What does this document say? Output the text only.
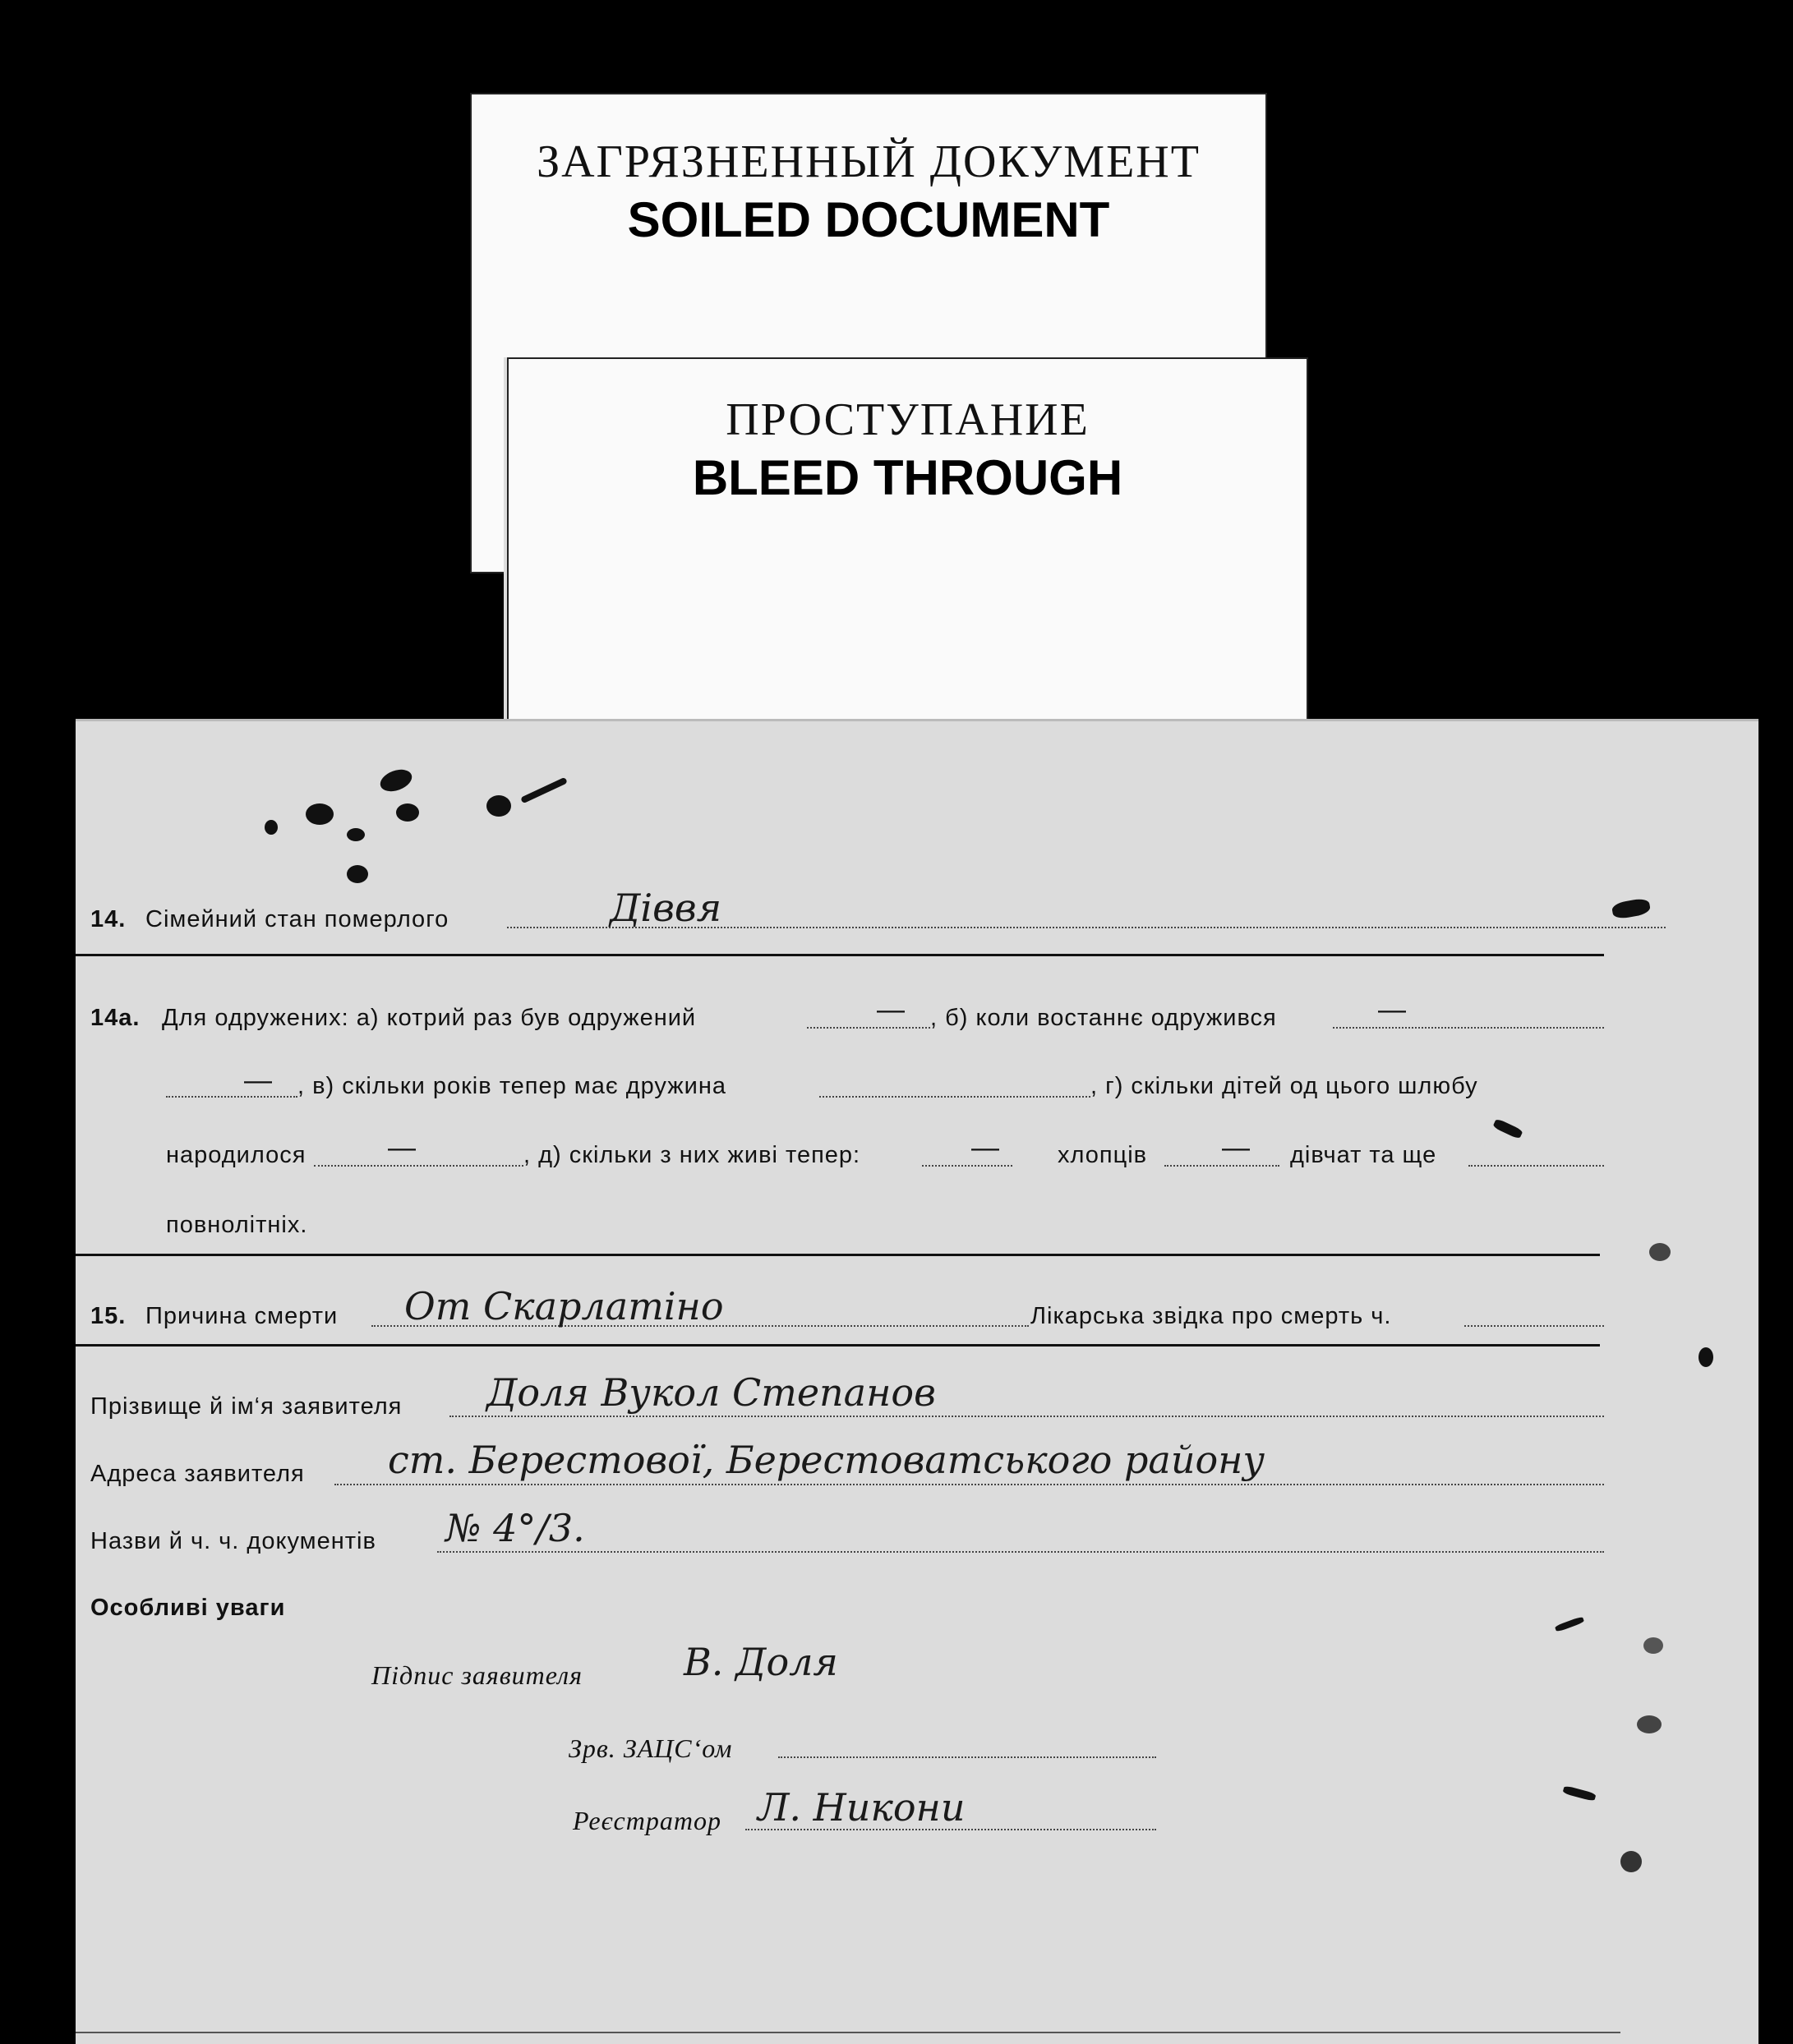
ЗАГРЯЗНЕННЫЙ ДОКУМЕНТ
SOILED DOCUMENT
ПРОСТУПАНИЕ
BLEED THROUGH
14. Сімейний стан померлого	Діввя
14а. Для одружених: а) котрий раз був одружений	— , б) коли востаннє одружився	—
— , в) скільки років тепер має дружина	, г) скільки дітей од цього шлюбу
народилося	—	, д) скільки з них живі тепер:	— хлопців	— дівчат та ще
повнолітніх.
15. Причина смерти От Скарлатіно	Лікарська звідка про смерть ч.
Прізвище й ім‘я заявителя Доля Вукол Степанов
Адреса заявителя ст. Берестової, Берестоватського району
Назви й ч. ч. документів № 4°/3.
Особливі уваги
Підпис заявителя	В. Доля
Зрв. ЗАЦС‘ом
Реєстратор Л. Никони
